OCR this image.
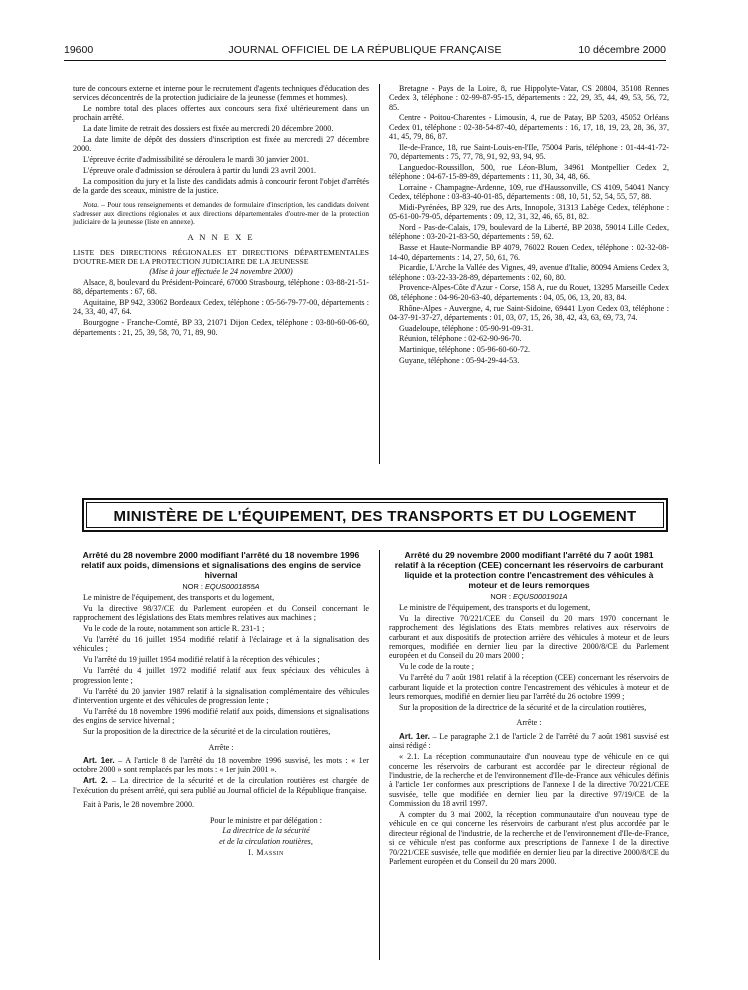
19600	JOURNAL OFFICIEL DE LA RÉPUBLIQUE FRANÇAISE	10 décembre 2000

ture de concours externe et interne pour le recrutement d'agents techniques d'éducation des services déconcentrés de la protection judiciaire de la jeunesse (femmes et hommes).

Le nombre total des places offertes aux concours sera fixé ultérieurement dans un prochain arrêté.

La date limite de retrait des dossiers est fixée au mercredi 20 décembre 2000.

La date limite de dépôt des dossiers d'inscription est fixée au mercredi 27 décembre 2000.

L'épreuve écrite d'admissibilité se déroulera le mardi 30 janvier 2001.

L'épreuve orale d'admission se déroulera à partir du lundi 23 avril 2001.

La composition du jury et la liste des candidats admis à concourir feront l'objet d'arrêtés de la garde des sceaux, ministre de la justice.

Nota. – Pour tous renseignements et demandes de formulaire d'inscription, les candidats doivent s'adresser aux directions régionales et aux directions départementales d'outre-mer de la protection judiciaire de la jeunesse (liste en annexe).

A N N E X E

LISTE DES DIRECTIONS RÉGIONALES ET DIRECTIONS DÉPARTEMENTALES D'OUTRE-MER DE LA PROTECTION JUDICIAIRE DE LA JEUNESSE

(Mise à jour effectuée le 24 novembre 2000)

Alsace, 8, boulevard du Président-Poincaré, 67000 Strasbourg, téléphone : 03-88-21-51-88, départements : 67, 68.

Aquitaine, BP 942, 33062 Bordeaux Cedex, téléphone : 05-56-79-77-00, départements : 24, 33, 40, 47, 64.

Bourgogne - Franche-Comté, BP 33, 21071 Dijon Cedex, téléphone : 03-80-60-06-60, départements : 21, 25, 39, 58, 70, 71, 89, 90.

Bretagne - Pays de la Loire, 8, rue Hippolyte-Vatar, CS 20804, 35108 Rennes Cedex 3, téléphone : 02-99-87-95-15, départements : 22, 29, 35, 44, 49, 53, 56, 72, 85.

Centre - Poitou-Charentes - Limousin, 4, rue de Patay, BP 5203, 45052 Orléans Cedex 01, téléphone : 02-38-54-87-40, départements : 16, 17, 18, 19, 23, 28, 36, 37, 41, 45, 79, 86, 87.

Ile-de-France, 18, rue Saint-Louis-en-l'Ile, 75004 Paris, téléphone : 01-44-41-72-70, départements : 75, 77, 78, 91, 92, 93, 94, 95.

Languedoc-Roussillon, 500, rue Léon-Blum, 34961 Montpellier Cedex 2, téléphone : 04-67-15-89-89, départements : 11, 30, 34, 48, 66.

Lorraine - Champagne-Ardenne, 109, rue d'Haussonville, CS 4109, 54041 Nancy Cedex, téléphone : 03-83-40-01-85, départements : 08, 10, 51, 52, 54, 55, 57, 88.

Midi-Pyrénées, BP 329, rue des Arts, Innopole, 31313 Labège Cedex, téléphone : 05-61-00-79-05, départements : 09, 12, 31, 32, 46, 65, 81, 82.

Nord - Pas-de-Calais, 179, boulevard de la Liberté, BP 2038, 59014 Lille Cedex, téléphone : 03-20-21-83-50, départements : 59, 62.

Basse et Haute-Normandie BP 4079, 76022 Rouen Cedex, téléphone : 02-32-08-14-40, départements : 14, 27, 50, 61, 76.

Picardie, L'Arche la Vallée des Vignes, 49, avenue d'Italie, 80094 Amiens Cedex 3, téléphone : 03-22-33-28-89, départements : 02, 60, 80.

Provence-Alpes-Côte d'Azur - Corse, 158 A, rue du Rouet, 13295 Marseille Cedex 08, téléphone : 04-96-20-63-40, départements : 04, 05, 06, 13, 20, 83, 84.

Rhône-Alpes - Auvergne, 4, rue Saint-Sidoine, 69441 Lyon Cedex 03, téléphone : 04-37-91-37-27, départements : 01, 03, 07, 15, 26, 38, 42, 43, 63, 69, 73, 74.

Guadeloupe, téléphone : 05-90-91-09-31.

Réunion, téléphone : 02-62-90-96-70.

Martinique, téléphone : 05-96-60-60-72.

Guyane, téléphone : 05-94-29-44-53.

MINISTÈRE DE L'ÉQUIPEMENT, DES TRANSPORTS ET DU LOGEMENT
Arrêté du 28 novembre 2000 modifiant l'arrêté du 18 novembre 1996 relatif aux poids, dimensions et signalisations des engins de service hivernal

NOR : EQUS0001855A

Le ministre de l'équipement, des transports et du logement,

Vu la directive 98/37/CE du Parlement européen et du Conseil concernant le rapprochement des législations des Etats membres relatives aux machines ;

Vu le code de la route, notamment son article R. 231-1 ;

Vu l'arrêté du 16 juillet 1954 modifié relatif à l'éclairage et à la signalisation des véhicules ;

Vu l'arrêté du 19 juillet 1954 modifié relatif à la réception des véhicules ;

Vu l'arrêté du 4 juillet 1972 modifié relatif aux feux spéciaux des véhicules à progression lente ;

Vu l'arrêté du 20 janvier 1987 relatif à la signalisation complémentaire des véhicules d'intervention urgente et des véhicules de progression lente ;

Vu l'arrêté du 18 novembre 1996 modifié relatif aux poids, dimensions et signalisations des engins de service hivernal ;

Sur la proposition de la directrice de la sécurité et de la circulation routières,

Arrête :

Art. 1er. – A l'article 8 de l'arrêté du 18 novembre 1996 susvisé, les mots : « 1er octobre 2000 » sont remplacés par les mots : « 1er juin 2001 ».

Art. 2. – La directrice de la sécurité et de la circulation routières est chargée de l'exécution du présent arrêté, qui sera publié au Journal officiel de la République française.

Fait à Paris, le 28 novembre 2000.

Pour le ministre et par délégation :

La directrice de la sécurité

et de la circulation routières,

I. Massin

Arrêté du 29 novembre 2000 modifiant l'arrêté du 7 août 1981 relatif à la réception (CEE) concernant les réservoirs de carburant liquide et la protection contre l'encastrement des véhicules à moteur et de leurs remorques

NOR : EQUS0001901A

Le ministre de l'équipement, des transports et du logement,

Vu la directive 70/221/CEE du Conseil du 20 mars 1970 concernant le rapprochement des législations des Etats membres relatives aux réservoirs de carburant et aux dispositifs de protection arrière des véhicules à moteur et de leurs remorques, modifiée en dernier lieu par la directive 2000/8/CE du Parlement européen et du Conseil du 20 mars 2000 ;

Vu le code de la route ;

Vu l'arrêté du 7 août 1981 relatif à la réception (CEE) concernant les réservoirs de carburant liquide et la protection contre l'encastrement des véhicules à moteur et de leurs remorques, modifié en dernier lieu par l'arrêté du 26 octobre 1999 ;

Sur la proposition de la directrice de la sécurité et de la circulation routières,

Arrête :

Art. 1er. – Le paragraphe 2.1 de l'article 2 de l'arrêté du 7 août 1981 susvisé est ainsi rédigé :

« 2.1. La réception communautaire d'un nouveau type de véhicule en ce qui concerne les réservoirs de carburant est accordée par le directeur régional de l'industrie, de la recherche et de l'environnement d'Ile-de-France aux véhicules définis à l'article 1er conformes aux prescriptions de l'annexe I de la directive 70/221/CEE susvisée, telle que modifiée en dernier lieu par la directive 97/19/CE de la Commission du 18 avril 1997.

A compter du 3 mai 2002, la réception communautaire d'un nouveau type de véhicule en ce qui concerne les réservoirs de carburant n'est plus accordée par le directeur régional de l'industrie, de la recherche et de l'environnement d'Ile-de-France, si ce véhicule n'est pas conforme aux prescriptions de l'annexe I de la directive 70/221/CEE susvisée, telle que modifiée en dernier lieu par la directive 2000/8/CE du Parlement européen et du Conseil du 20 mars 2000.
